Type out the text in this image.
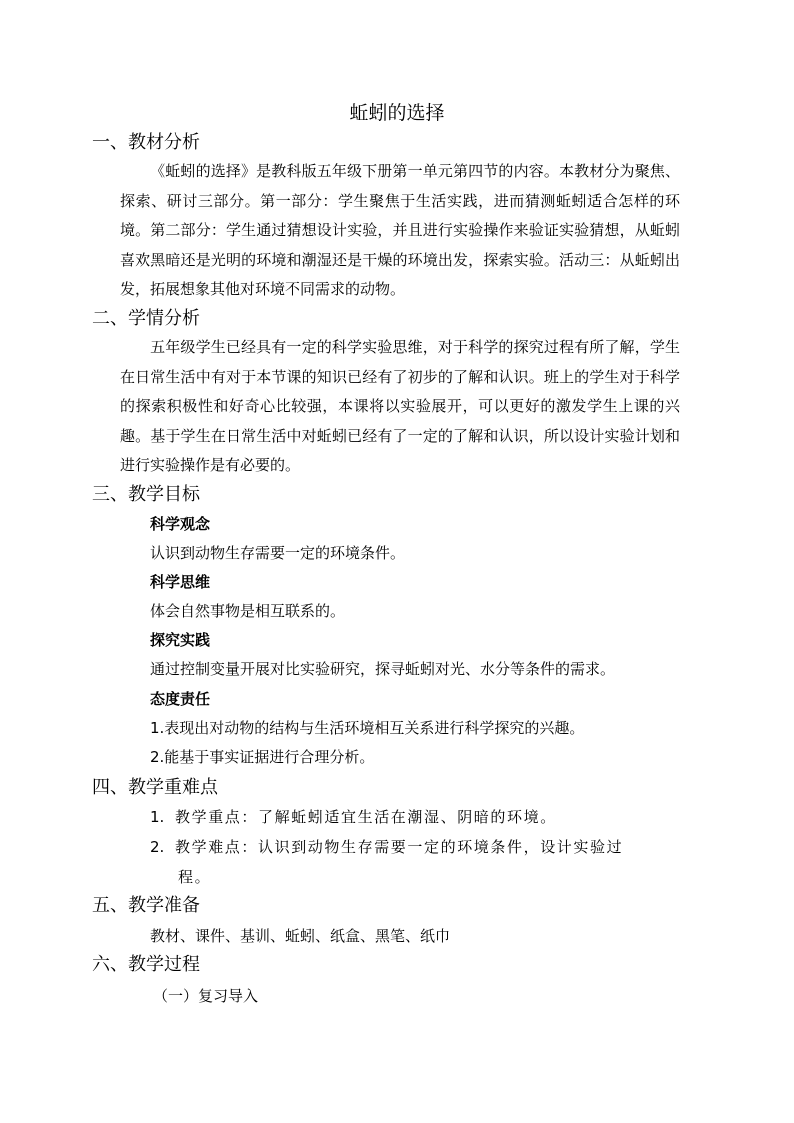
蚯蚓的选择
一、教材分析
《蚯蚓的选择》是教科版五年级下册第一单元第四节的内容。本教材分为聚焦、探索、研讨三部分。第一部分：学生聚焦于生活实践，进而猜测蚯蚓适合怎样的环境。第二部分：学生通过猜想设计实验，并且进行实验操作来验证实验猜想，从蚯蚓喜欢黑暗还是光明的环境和潮湿还是干燥的环境出发，探索实验。活动三：从蚯蚓出发，拓展想象其他对环境不同需求的动物。
二、学情分析
五年级学生已经具有一定的科学实验思维，对于科学的探究过程有所了解，学生在日常生活中有对于本节课的知识已经有了初步的了解和认识。班上的学生对于科学的探索积极性和好奇心比较强，本课将以实验展开，可以更好的激发学生上课的兴趣。基于学生在日常生活中对蚯蚓已经有了一定的了解和认识，所以设计实验计划和进行实验操作是有必要的。
三、教学目标
科学观念
认识到动物生存需要一定的环境条件。
科学思维
体会自然事物是相互联系的。
探究实践
通过控制变量开展对比实验研究，探寻蚯蚓对光、水分等条件的需求。
态度责任
1.表现出对动物的结构与生活环境相互关系进行科学探究的兴趣。
2.能基于事实证据进行合理分析。
四、教学重难点
1. 教学重点：了解蚯蚓适宜生活在潮湿、阴暗的环境。
2. 教学难点：认识到动物生存需要一定的环境条件，设计实验过
程。
五、教学准备
教材、课件、基训、蚯蚓、纸盒、黑笔、纸巾
六、教学过程
（一）复习导入
